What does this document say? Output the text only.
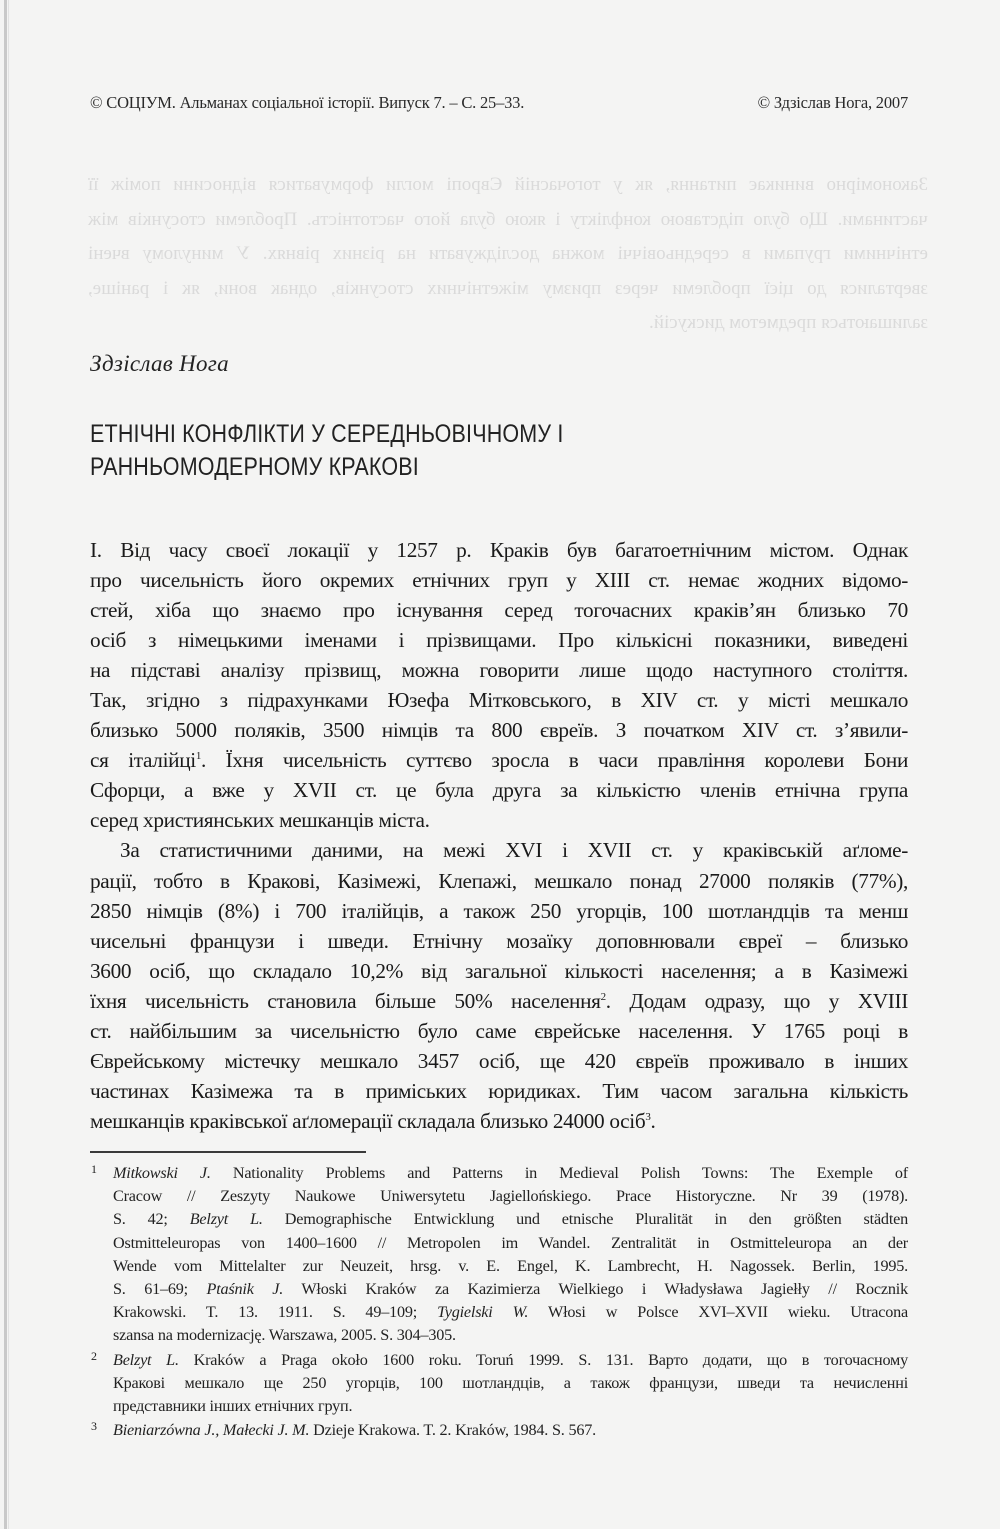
Закономірно виникає питання, як у тогочасній Європі могли формуватися відносини поміж її частинами. Що було підставою конфлікту і якою була його частотність. Проблеми стосунків між етнічними групами в середньовіччі можна досліджувати на різних рівнях. У минулому вчені зверталися до цієї проблеми через призму міжетнічних стосунків, однак вони, як і раніше, залишаються предметом дискусій.
© СОЦІУМ. Альманах соціальної історії. Випуск 7. – С. 25–33.	© Здзіслав Нога, 2007
Здзіслав Нога
ЕТНІЧНІ КОНФЛІКТИ У СЕРЕДНЬОВІЧНОМУ І
РАННЬОМОДЕРНОМУ КРАКОВІ
І. Від часу своєї локації у 1257 р. Краків був багатоетнічним містом. Однак
про чисельність його окремих етнічних груп у ХІІІ ст. немає жодних відомо-
стей, хіба що знаємо про існування серед тогочасних краків’ян близько 70
осіб з німецькими іменами і прізвищами. Про кількісні показники, виведені
на підставі аналізу прізвищ, можна говорити лише щодо наступного століття.
Так, згідно з підрахунками Юзефа Мітковського, в XIV ст. у місті мешкало
близько 5000 поляків, 3500 німців та 800 євреїв. З початком XIV ст. з’явили-
ся італійці$^1$. Їхня чисельність суттєво зросла в часи правління королеви Бони
Сфорци, а вже у XVII ст. це була друга за кількістю членів етнічна група
серед християнських мешканців міста.
За статистичними даними, на межі XVI і XVII ст. у краківській аґломе-
рації, тобто в Кракові, Казімежі, Клепажі, мешкало понад 27000 поляків (77%),
2850 німців (8%) і 700 італійців, а також 250 угорців, 100 шотландців та менш
чисельні французи і шведи. Етнічну мозаїку доповнювали євреї – близько
3600 осіб, що складало 10,2% від загальної кількості населення; а в Казімежі
їхня чисельність становила більше 50% населення$^2$. Додам одразу, що у XVIII
ст. найбільшим за чисельністю було саме єврейське населення. У 1765 році в
Єврейському містечку мешкало 3457 осіб, ще 420 євреїв проживало в інших
частинах Казімежа та в приміських юридиках. Тим часом загальна кількість
мешканців краківської аґломерації складала близько 24000 осіб$^3$.
1 Mitkowski J. Nationality Problems and Patterns in Medieval Polish Towns: The Exemple of
Cracow // Zeszyty Naukowe Uniwersytetu Jagiellońskiego. Prace Historyczne. Nr 39 (1978).
S. 42; Belzyt L. Demographische Entwicklung und etnische Pluralität in den größten städten
Ostmitteleuropas von 1400–1600 // Metropolen im Wandel. Zentralität in Ostmitteleuropa an der
Wende vom Mittelalter zur Neuzeit, hrsg. v. E. Engel, K. Lambrecht, H. Nagossek. Berlin, 1995.
S. 61–69; Ptaśnik J. Włoski Kraków za Kazimierza Wielkiego i Władysława Jagiełły // Rocznik
Krakowski. T. 13. 1911. S. 49–109; Tygielski W. Włosi w Polsce XVI–XVII wieku. Utracona
szansa na modernizację. Warszawa, 2005. S. 304–305.
2 Belzyt L. Kraków a Praga około 1600 roku. Toruń 1999. S. 131. Варто додати, що в тогочасному
Кракові мешкало ще 250 угорців, 100 шотландців, а також французи, шведи та нечисленні
представники інших етнічних груп.
3 Bieniarzówna J., Małecki J. M. Dzieje Krakowa. T. 2. Kraków, 1984. S. 567.
